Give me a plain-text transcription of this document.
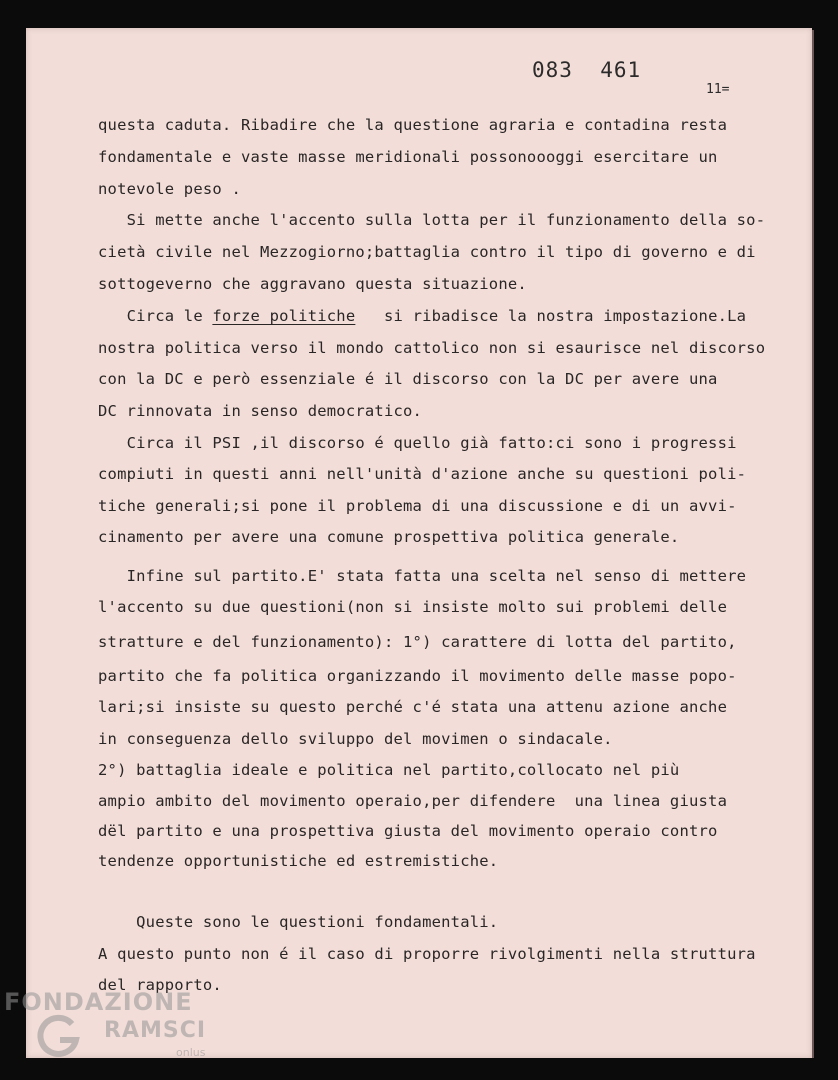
083  461
11=
questa caduta. Ribadire che la questione agraria e contadina resta
fondamentale e vaste masse meridionali possonoooggi esercitare un
notevole peso .
Si mette anche l'accento sulla lotta per il funzionamento della so-
cietà civile nel Mezzogiorno;battaglia contro il tipo di governo e di
sottogeverno che aggravano questa situazione.
Circa le forze politiche si ribadisce la nostra impostazione.La
nostra politica verso il mondo cattolico non si esaurisce nel discorso
con la DC e però essenziale é il discorso con la DC per avere una
DC rinnovata in senso democratico.
Circa il PSI ,il discorso é quello già fatto:ci sono i progressi
compiuti in questi anni nell'unità d'azione anche su questioni poli-
tiche generali;si pone il problema di una discussione e di un avvi-
cinamento per avere una comune prospettiva politica generale.
Infine sul partito.E' stata fatta una scelta nel senso di mettere
l'accento su due questioni(non si insiste molto sui problemi delle
stratture e del funzionamento): 1°) carattere di lotta del partito,
partito che fa politica organizzando il movimento delle masse popo-
lari;si insiste su questo perché c'é stata una attenu azione anche
in conseguenza dello sviluppo del movimen o sindacale.
2°) battaglia ideale e politica nel partito,collocato nel più
ampio ambito del movimento operaio,per difendere  una linea giusta
dël partito e una prospettiva giusta del movimento operaio contro
tendenze opportunistiche ed estremistiche.
Queste sono le questioni fondamentali.
A questo punto non é il caso di proporre rivolgimenti nella struttura
del rapporto.
FONDAZIONE
RAMSCI
onlus
